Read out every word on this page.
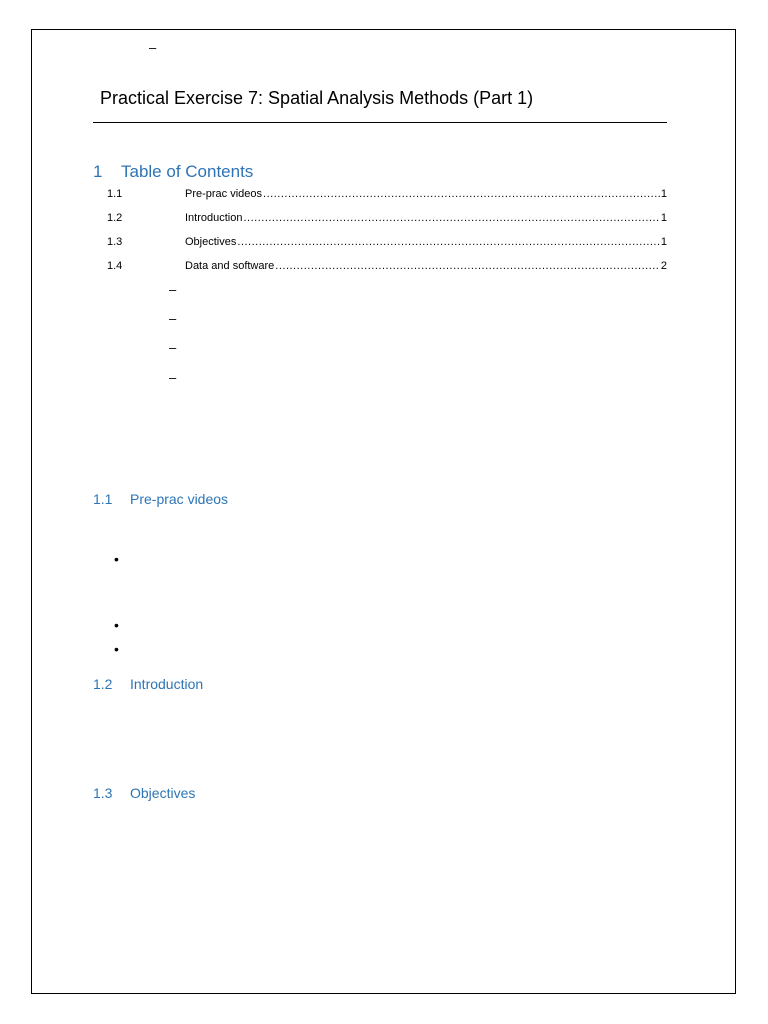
–
Practical Exercise 7: Spatial Analysis Methods (Part 1)
1 Table of Contents
1.1	Pre-prac videos .....	1
1.2	Introduction .....	1
1.3	Objectives .....	1
1.4	Data and software .....	2
–
–
–
–
1.1 Pre-prac videos
•
•
•
1.2 Introduction
1.3 Objectives
